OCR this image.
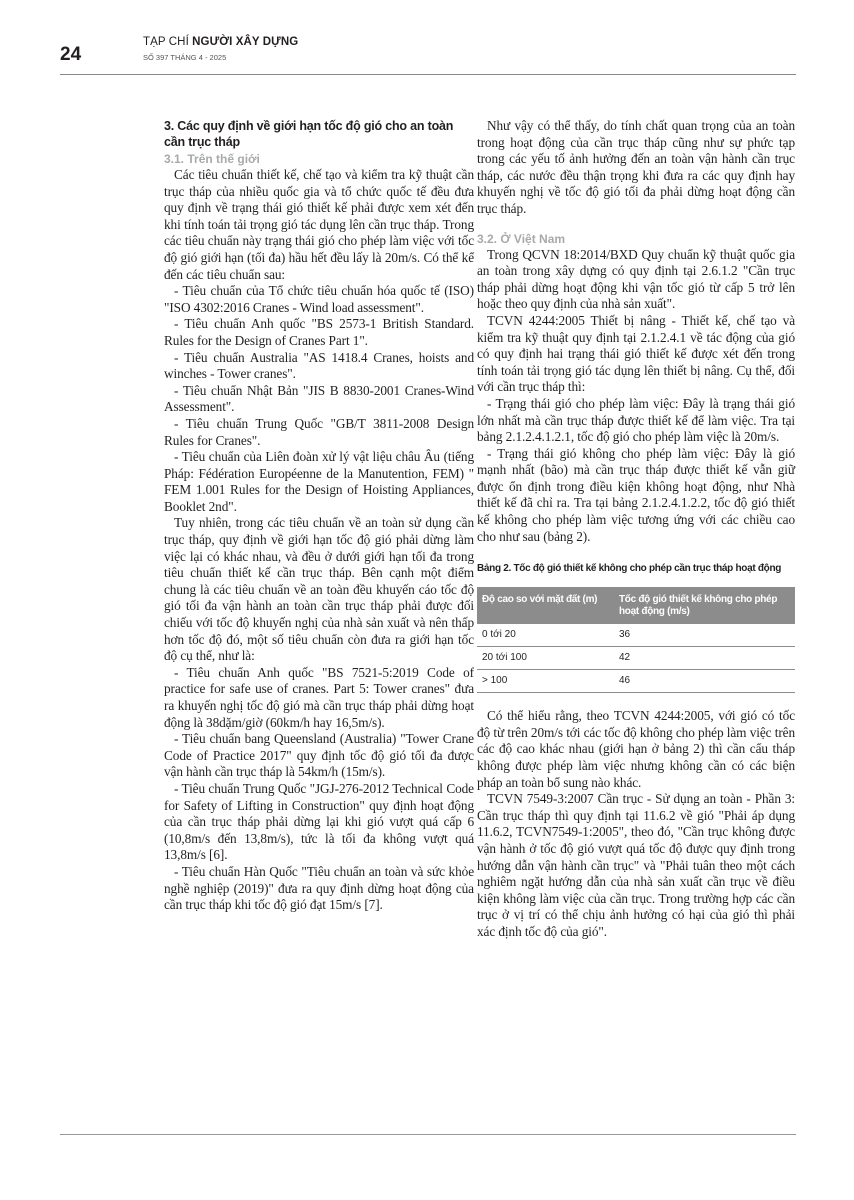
24
TẠP CHÍ NGƯỜI XÂY DỰNG
SỐ 397 THÁNG 4 - 2025

3. Các quy định về giới hạn tốc độ gió cho an toàn cần trục tháp

3.1. Trên thế giới

Các tiêu chuẩn thiết kế, chế tạo và kiểm tra kỹ thuật cần trục tháp của nhiều quốc gia và tổ chức quốc tế đều đưa quy định về trạng thái gió thiết kế phải được xem xét đến khi tính toán tải trọng gió tác dụng lên cần trục tháp. Trong các tiêu chuẩn này trạng thái gió cho phép làm việc với tốc độ gió giới hạn (tối đa) hầu hết đều lấy là 20m/s. Có thể kể đến các tiêu chuẩn sau:

- Tiêu chuẩn của Tổ chức tiêu chuẩn hóa quốc tế (ISO) "ISO 4302:2016 Cranes - Wind load assessment".

- Tiêu chuẩn Anh quốc "BS 2573-1 British Standard. Rules for the Design of Cranes Part 1".

- Tiêu chuẩn Australia "AS 1418.4 Cranes, hoists and winches - Tower cranes".

- Tiêu chuẩn Nhật Bản "JIS B 8830-2001 Cranes-Wind Assessment".

- Tiêu chuẩn Trung Quốc "GB/T 3811-2008 Design Rules for Cranes".

- Tiêu chuẩn của Liên đoàn xử lý vật liệu châu Âu (tiếng Pháp: Fédération Européenne de la Manutention, FEM) " FEM 1.001 Rules for the Design of Hoisting Appliances, Booklet 2nd".

Tuy nhiên, trong các tiêu chuẩn về an toàn sử dụng cần trục tháp, quy định về giới hạn tốc độ gió phải dừng làm việc lại có khác nhau, và đều ở dưới giới hạn tối đa trong tiêu chuẩn thiết kế cần trục tháp. Bên cạnh một điểm chung là các tiêu chuẩn về an toàn đều khuyến cáo tốc độ gió tối đa vận hành an toàn cần trục tháp phải được đối chiếu với tốc độ khuyến nghị của nhà sản xuất và nên thấp hơn tốc độ đó, một số tiêu chuẩn còn đưa ra giới hạn tốc độ cụ thể, như là:

- Tiêu chuẩn Anh quốc "BS 7521-5:2019 Code of practice for safe use of cranes. Part 5: Tower cranes" đưa ra khuyến nghị tốc độ gió mà cần trục tháp phải dừng hoạt động là 38dặm/giờ (60km/h hay 16,5m/s).

- Tiêu chuẩn bang Queensland (Australia) "Tower Crane Code of Practice 2017" quy định tốc độ gió tối đa được vận hành cần trục tháp là 54km/h (15m/s).

- Tiêu chuẩn Trung Quốc "JGJ-276-2012 Technical Code for Safety of Lifting in Construction" quy định hoạt động của cần trục tháp phải dừng lại khi gió vượt quá cấp 6 (10,8m/s đến 13,8m/s), tức là tối đa không vượt quá 13,8m/s [6].

- Tiêu chuẩn Hàn Quốc "Tiêu chuẩn an toàn và sức khỏe nghề nghiệp (2019)" đưa ra quy định dừng hoạt động của cần trục tháp khi tốc độ gió đạt 15m/s [7].

Như vậy có thể thấy, do tính chất quan trọng của an toàn trong hoạt động của cần trục tháp cũng như sự phức tạp trong các yếu tố ảnh hưởng đến an toàn vận hành cần trục tháp, các nước đều thận trọng khi đưa ra các quy định hay khuyến nghị về tốc độ gió tối đa phải dừng hoạt động cần trục tháp.

3.2. Ở Việt Nam

Trong QCVN 18:2014/BXD Quy chuẩn kỹ thuật quốc gia an toàn trong xây dựng có quy định tại 2.6.1.2 "Cần trục tháp phải dừng hoạt động khi vận tốc gió từ cấp 5 trở lên hoặc theo quy định của nhà sản xuất".

TCVN 4244:2005 Thiết bị nâng - Thiết kế, chế tạo và kiểm tra kỹ thuật quy định tại 2.1.2.4.1 về tác động của gió có quy định hai trạng thái gió thiết kế được xét đến trong tính toán tải trọng gió tác dụng lên thiết bị nâng. Cụ thể, đối với cần trục tháp thì:

- Trạng thái gió cho phép làm việc: Đây là trạng thái gió lớn nhất mà cần trục tháp được thiết kế để làm việc. Tra tại bảng 2.1.2.4.1.2.1, tốc độ gió cho phép làm việc là 20m/s.

- Trạng thái gió không cho phép làm việc: Đây là gió mạnh nhất (bão) mà cần trục tháp được thiết kế vẫn giữ được ổn định trong điều kiện không hoạt động, như Nhà thiết kế đã chỉ ra. Tra tại bảng 2.1.2.4.1.2.2, tốc độ gió thiết kế không cho phép làm việc tương ứng với các chiều cao cho như sau (bảng 2).

Bảng 2. Tốc độ gió thiết kế không cho phép cần trục tháp hoạt động

Độ cao so với mặt đất (m)	Tốc độ gió thiết kế không cho phép hoạt động (m/s)
0 tới 20	36
20 tới 100	42
> 100	46

Có thể hiểu rằng, theo TCVN 4244:2005, với gió có tốc độ từ trên 20m/s tới các tốc độ không cho phép làm việc trên các độ cao khác nhau (giới hạn ở bảng 2) thì cần cẩu tháp không được phép làm việc nhưng không cần có các biện pháp an toàn bổ sung nào khác.

TCVN 7549-3:2007 Cần trục - Sử dụng an toàn - Phần 3: Cần trục tháp thì quy định tại 11.6.2 về gió "Phải áp dụng 11.6.2, TCVN7549-1:2005", theo đó, "Cần trục không được vận hành ở tốc độ gió vượt quá tốc độ được quy định trong hướng dẫn vận hành cần trục" và "Phải tuân theo một cách nghiêm ngặt hướng dẫn của nhà sản xuất cần trục về điều kiện không làm việc của cần trục. Trong trường hợp các cần trục ở vị trí có thể chịu ảnh hưởng có hại của gió thì phải xác định tốc độ của gió".
